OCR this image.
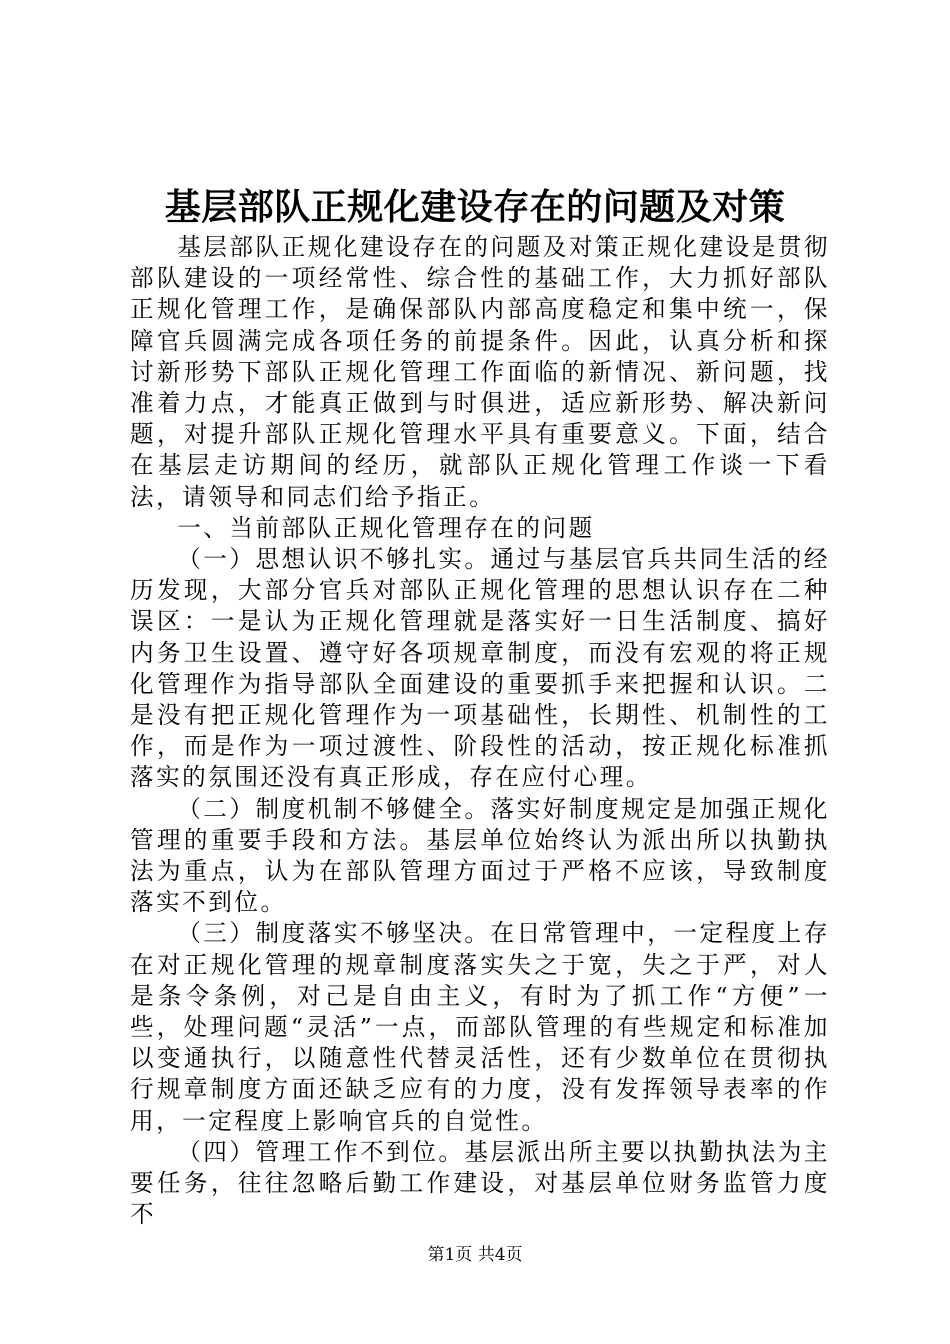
基层部队正规化建设存在的问题及对策

基层部队正规化建设存在的问题及对策正规化建设是贯彻部队建设的一项经常性、综合性的基础工作，大力抓好部队正规化管理工作，是确保部队内部高度稳定和集中统一，保障官兵圆满完成各项任务的前提条件。因此，认真分析和探讨新形势下部队正规化管理工作面临的新情况、新问题，找准着力点，才能真正做到与时俱进，适应新形势、解决新问题，对提升部队正规化管理水平具有重要意义。下面，结合在基层走访期间的经历，就部队正规化管理工作谈一下看法，请领导和同志们给予指正。

一、当前部队正规化管理存在的问题

（一）思想认识不够扎实。通过与基层官兵共同生活的经历发现，大部分官兵对部队正规化管理的思想认识存在二种误区：一是认为正规化管理就是落实好一日生活制度、搞好内务卫生设置、遵守好各项规章制度，而没有宏观的将正规化管理作为指导部队全面建设的重要抓手来把握和认识。二是没有把正规化管理作为一项基础性，长期性、机制性的工作，而是作为一项过渡性、阶段性的活动，按正规化标准抓落实的氛围还没有真正形成，存在应付心理。

（二）制度机制不够健全。落实好制度规定是加强正规化管理的重要手段和方法。基层单位始终认为派出所以执勤执法为重点，认为在部队管理方面过于严格不应该，导致制度落实不到位。

（三）制度落实不够坚决。在日常管理中，一定程度上存在对正规化管理的规章制度落实失之于宽，失之于严，对人是条令条例，对己是自由主义，有时为了抓工作“方便”一些，处理问题“灵活”一点，而部队管理的有些规定和标准加以变通执行，以随意性代替灵活性，还有少数单位在贯彻执行规章制度方面还缺乏应有的力度，没有发挥领导表率的作用，一定程度上影响官兵的自觉性。

（四）管理工作不到位。基层派出所主要以执勤执法为主要任务，往往忽略后勤工作建设，对基层单位财务监管力度不

第1页 共4页
